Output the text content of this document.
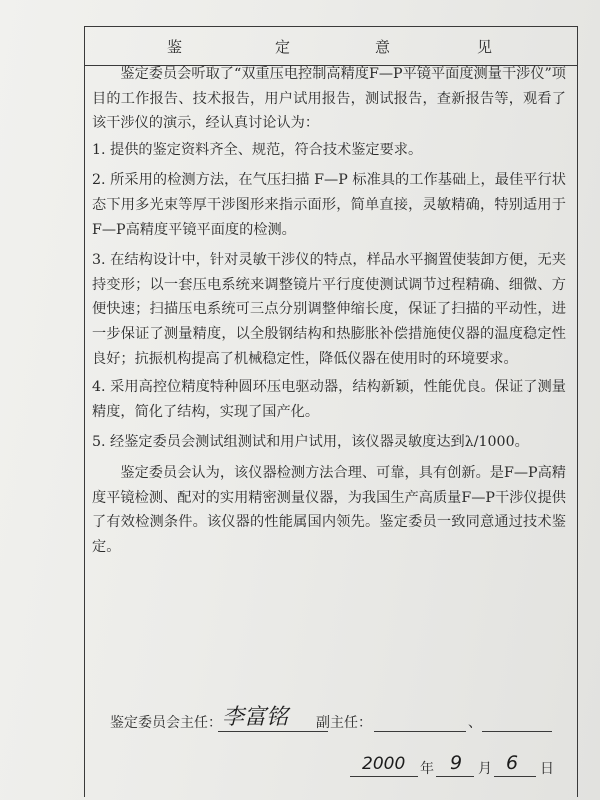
鉴	定	意	见

鉴定委员会听取了“双重压电控制高精度F—P平镜平面度测量干涉仪”项目的工作报告、技术报告，用户试用报告，测试报告，查新报告等，观看了该干涉仪的演示，经认真讨论认为：

1. 提供的鉴定资料齐全、规范，符合技术鉴定要求。

2. 所采用的检测方法，在气压扫描 F—P 标准具的工作基础上，最佳平行状态下用多光束等厚干涉图形来指示面形，简单直接，灵敏精确，特别适用于F—P高精度平镜平面度的检测。

3. 在结构设计中，针对灵敏干涉仪的特点，样品水平搁置使装卸方便，无夹持变形；以一套压电系统来调整镜片平行度使测试调节过程精确、细微、方便快速；扫描压电系统可三点分别调整伸缩长度，保证了扫描的平动性，进一步保证了测量精度，以全殷钢结构和热膨胀补偿措施使仪器的温度稳定性良好；抗振机构提高了机械稳定性，降低仪器在使用时的环境要求。

4. 采用高控位精度特种圆环压电驱动器，结构新颖，性能优良。保证了测量精度，简化了结构，实现了国产化。

5. 经鉴定委员会测试组测试和用户试用，该仪器灵敏度达到λ/1000。

鉴定委员会认为，该仪器检测方法合理、可靠，具有创新。是F—P高精度平镜检测、配对的实用精密测量仪器，为我国生产高质量F—P干涉仪提供了有效检测条件。该仪器的性能属国内领先。鉴定委员一致同意通过技术鉴定。

鉴定委员会主任： 李富铭 副主任：	、
2000 年 9 月 6 日
